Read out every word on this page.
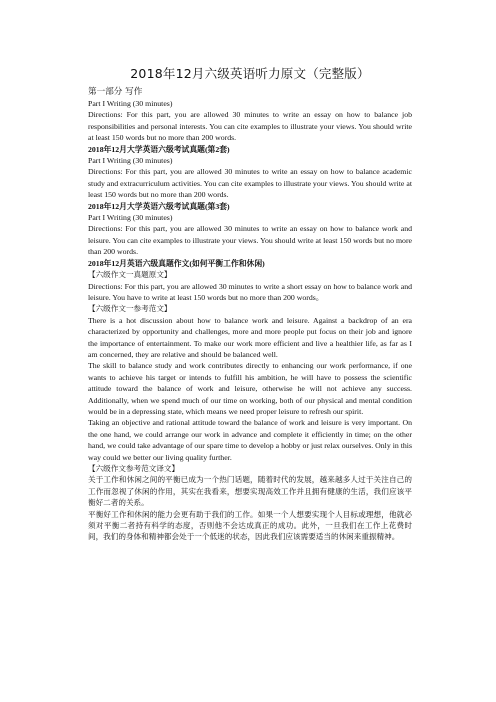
2018年12月六级英语听力原文（完整版）
第一部分 写作

Part I Writing (30 minutes)

Directions: For this part, you are allowed 30 minutes to write an essay on how to balance job responsibilities and personal interests. You can cite examples to illustrate your views. You should write at least 150 words but no more than 200 words.

2018年12月大学英语六级考试真题(第2套)

Part I Writing (30 minutes)

Directions: For this part, you are allowed 30 minutes to write an essay on how to balance academic study and extracurriculum activities. You can cite examples to illustrate your views. You should write at least 150 words but no more than 200 words.

2018年12月大学英语六级考试真题(第3套)

Part I Writing (30 minutes)

Directions: For this part, you are allowed 30 minutes to write an essay on how to balance work and leisure. You can cite examples to illustrate your views. You should write at least 150 words but no more than 200 words.

2018年12月英语六级真题作文(如何平衡工作和休闲)

【六级作文一真题原文】

Directions: For this part, you are allowed 30 minutes to write a short essay on how to balance work and leisure. You have to write at least 150 words but no more than 200 words。

【六级作文一参考范文】

There is a hot discussion about how to balance work and leisure. Against a backdrop of an era characterized by opportunity and challenges, more and more people put focus on their job and ignore the importance of entertainment. To make our work more efficient and live a healthier life, as far as I am concerned, they are relative and should be balanced well.

The skill to balance study and work contributes directly to enhancing our work performance, if one wants to achieve his target or intends to fulfill his ambition, he will have to possess the scientific attitude toward the balance of work and leisure, otherwise he will not achieve any success. Additionally, when we spend much of our time on working, both of our physical and mental condition would be in a depressing state, which means we need proper leisure to refresh our spirit.

Taking an objective and rational attitude toward the balance of work and leisure is very important. On the one hand, we could arrange our work in advance and complete it efficiently in time; on the other hand, we could take advantage of our spare time to develop a hobby or just relax ourselves. Only in this way could we better our living quality further.

【六级作文参考范文译文】

关于工作和休闲之间的平衡已成为一个热门话题，随着时代的发展，越来越多人过于关注自己的工作而忽视了休闲的作用，其实在我看来，想要实现高效工作并且拥有健康的生活，我们应该平衡好二者的关系。

平衡好工作和休闲的能力会更有助于我们的工作。如果一个人想要实现个人目标或理想，他就必须对平衡二者持有科学的态度，否则他不会达成真正的成功。此外，一旦我们在工作上花费时间，我们的身体和精神都会处于一个低迷的状态，因此我们应该需要适当的休闲来重振精神。
